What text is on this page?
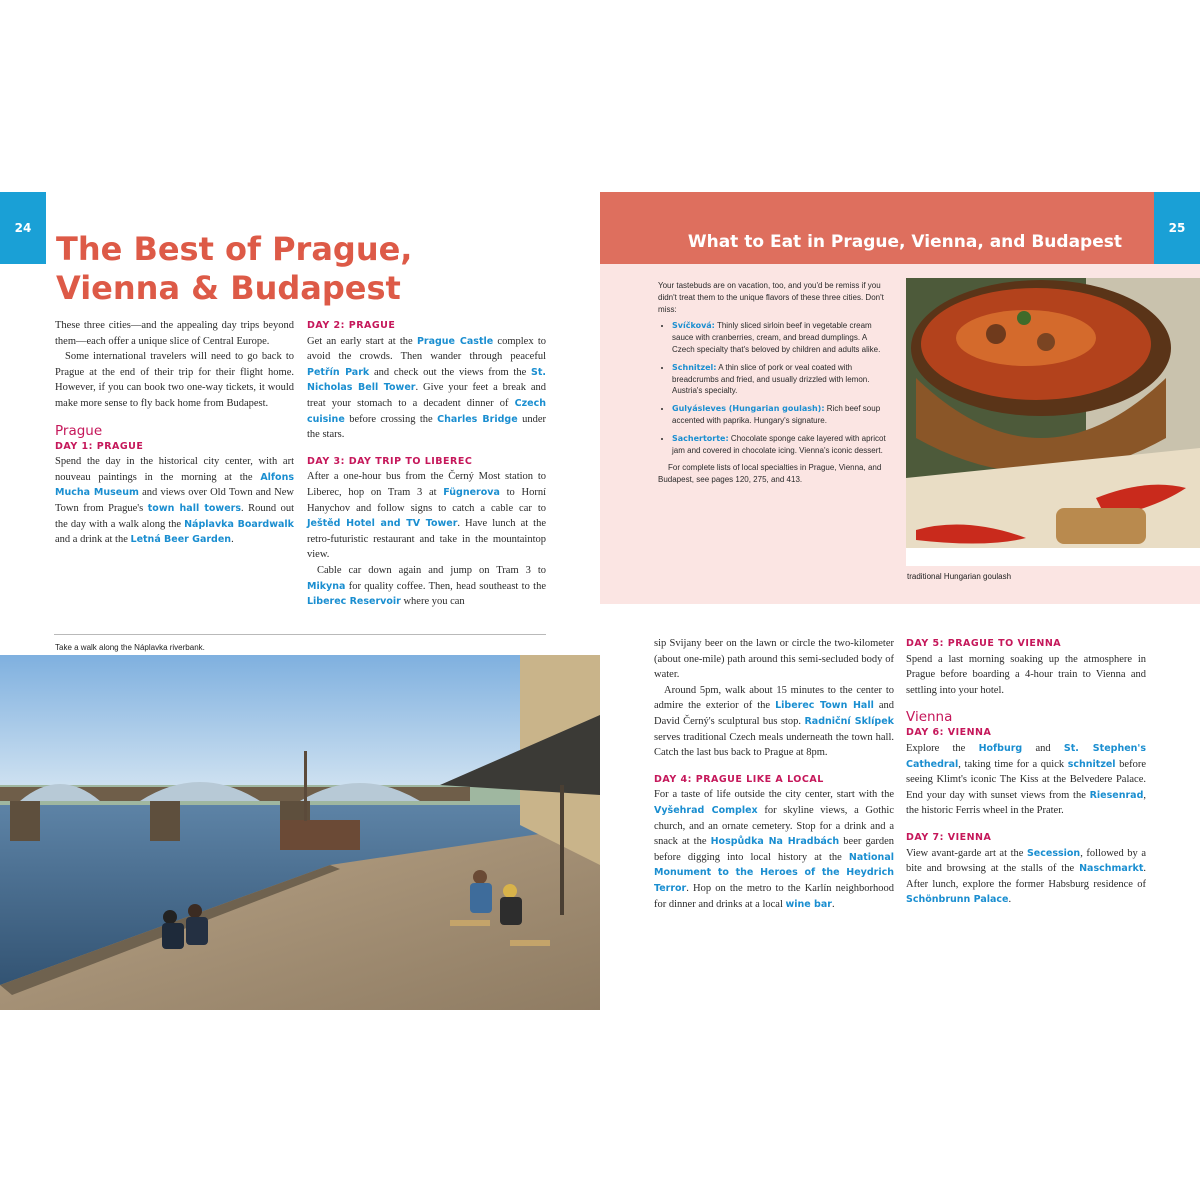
24
The Best of Prague, Vienna & Budapest

These three cities—and the appealing day trips beyond them—each offer a unique slice of Central Europe.

Some international travelers will need to go back to Prague at the end of their trip for their flight home. However, if you can book two one-way tickets, it would make more sense to fly back home from Budapest.

Prague
DAY 1: PRAGUE

Spend the day in the historical city center, with art nouveau paintings in the morning at the Alfons Mucha Museum and views over Old Town and New Town from Prague's town hall towers. Round out the day with a walk along the Náplavka Boardwalk and a drink at the Letná Beer Garden.

DAY 2: PRAGUE

Get an early start at the Prague Castle complex to avoid the crowds. Then wander through peaceful Petřín Park and check out the views from the St. Nicholas Bell Tower. Give your feet a break and treat your stomach to a decadent dinner of Czech cuisine before crossing the Charles Bridge under the stars.

DAY 3: DAY TRIP TO LIBEREC

After a one-hour bus from the Černý Most station to Liberec, hop on Tram 3 at Fügnerova to Horní Hanychov and follow signs to catch a cable car to Ještěd Hotel and TV Tower. Have lunch at the retro-futuristic restaurant and take in the mountaintop view.

Cable car down again and jump on Tram 3 to Mikyna for quality coffee. Then, head southeast to the Liberec Reservoir where you can

Take a walk along the Náplavka riverbank.
What to Eat in Prague, Vienna, and Budapest
25

Your tastebuds are on vacation, too, and you'd be remiss if you didn't treat them to the unique flavors of these three cities. Don't miss:

• Svíčková: Thinly sliced sirloin beef in vegetable cream sauce with cranberries, cream, and bread dumplings. A Czech specialty that's beloved by children and adults alike.
• Schnitzel: A thin slice of pork or veal coated with breadcrumbs and fried, and usually drizzled with lemon. Austria's specialty.
• Gulyásleves (Hungarian goulash): Rich beef soup accented with paprika. Hungary's signature.
• Sachertorte: Chocolate sponge cake layered with apricot jam and covered in chocolate icing. Vienna's iconic dessert.

For complete lists of local specialties in Prague, Vienna, and Budapest, see pages 120, 275, and 413.

traditional Hungarian goulash

sip Svijany beer on the lawn or circle the two-kilometer (about one-mile) path around this semi-secluded body of water.

Around 5pm, walk about 15 minutes to the center to admire the exterior of the Liberec Town Hall and David Černý's sculptural bus stop. Radniční Sklípek serves traditional Czech meals underneath the town hall. Catch the last bus back to Prague at 8pm.

DAY 4: PRAGUE LIKE A LOCAL

For a taste of life outside the city center, start with the Vyšehrad Complex for skyline views, a Gothic church, and an ornate cemetery. Stop for a drink and a snack at the Hospůdka Na Hradbách beer garden before digging into local history at the National Monument to the Heroes of the Heydrich Terror. Hop on the metro to the Karlín neighborhood for dinner and drinks at a local wine bar.

DAY 5: PRAGUE TO VIENNA

Spend a last morning soaking up the atmosphere in Prague before boarding a 4-hour train to Vienna and settling into your hotel.

Vienna
DAY 6: VIENNA

Explore the Hofburg and St. Stephen's Cathedral, taking time for a quick schnitzel before seeing Klimt's iconic The Kiss at the Belvedere Palace. End your day with sunset views from the Riesenrad, the historic Ferris wheel in the Prater.

DAY 7: VIENNA

View avant-garde art at the Secession, followed by a bite and browsing at the stalls of the Naschmarkt. After lunch, explore the former Habsburg residence of Schönbrunn Palace.
